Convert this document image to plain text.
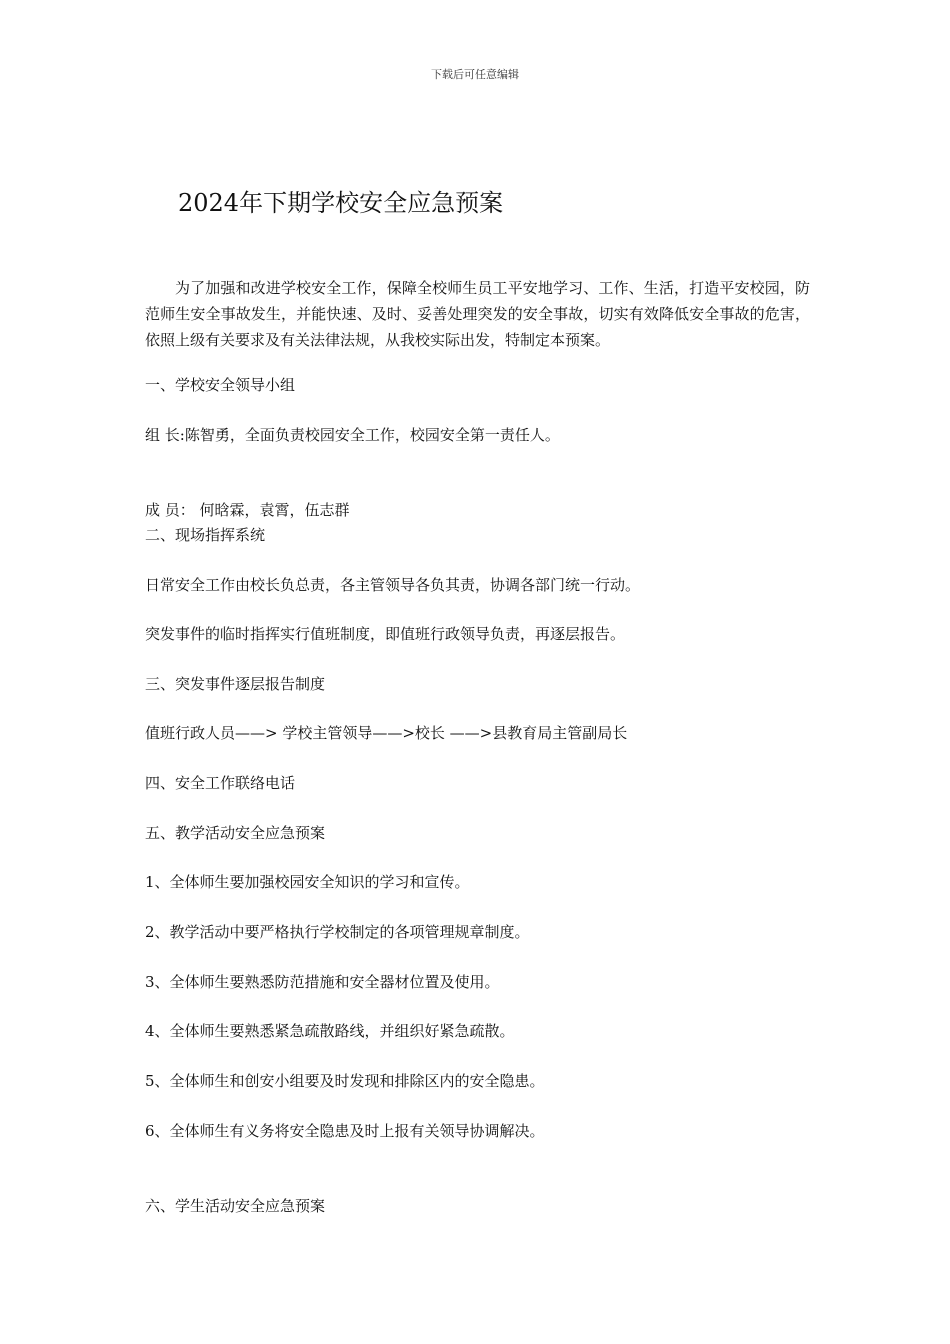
下载后可任意编辑
2024年下期学校安全应急预案

为了加强和改进学校安全工作，保障全校师生员工平安地学习、工作、生活，打造平安校园，防范师生安全事故发生，并能快速、及时、妥善处理突发的安全事故，切实有效降低安全事故的危害，依照上级有关要求及有关法律法规，从我校实际出发，特制定本预案。

一、学校安全领导小组
组 长:陈智勇，全面负责校园安全工作，校园安全第一责任人。
成 员： 何晗霖，袁霄，伍志群
二、现场指挥系统
日常安全工作由校长负总责，各主管领导各负其责，协调各部门统一行动。
突发事件的临时指挥实行值班制度，即值班行政领导负责，再逐层报告。
三、突发事件逐层报告制度
值班行政人员——> 学校主管领导——>校长 ——>县教育局主管副局长
四、安全工作联络电话
五、教学活动安全应急预案
1、全体师生要加强校园安全知识的学习和宣传。
2、教学活动中要严格执行学校制定的各项管理规章制度。
3、全体师生要熟悉防范措施和安全器材位置及使用。
4、全体师生要熟悉紧急疏散路线，并组织好紧急疏散。
5、全体师生和创安小组要及时发现和排除区内的安全隐患。
6、全体师生有义务将安全隐患及时上报有关领导协调解决。
六、学生活动安全应急预案
